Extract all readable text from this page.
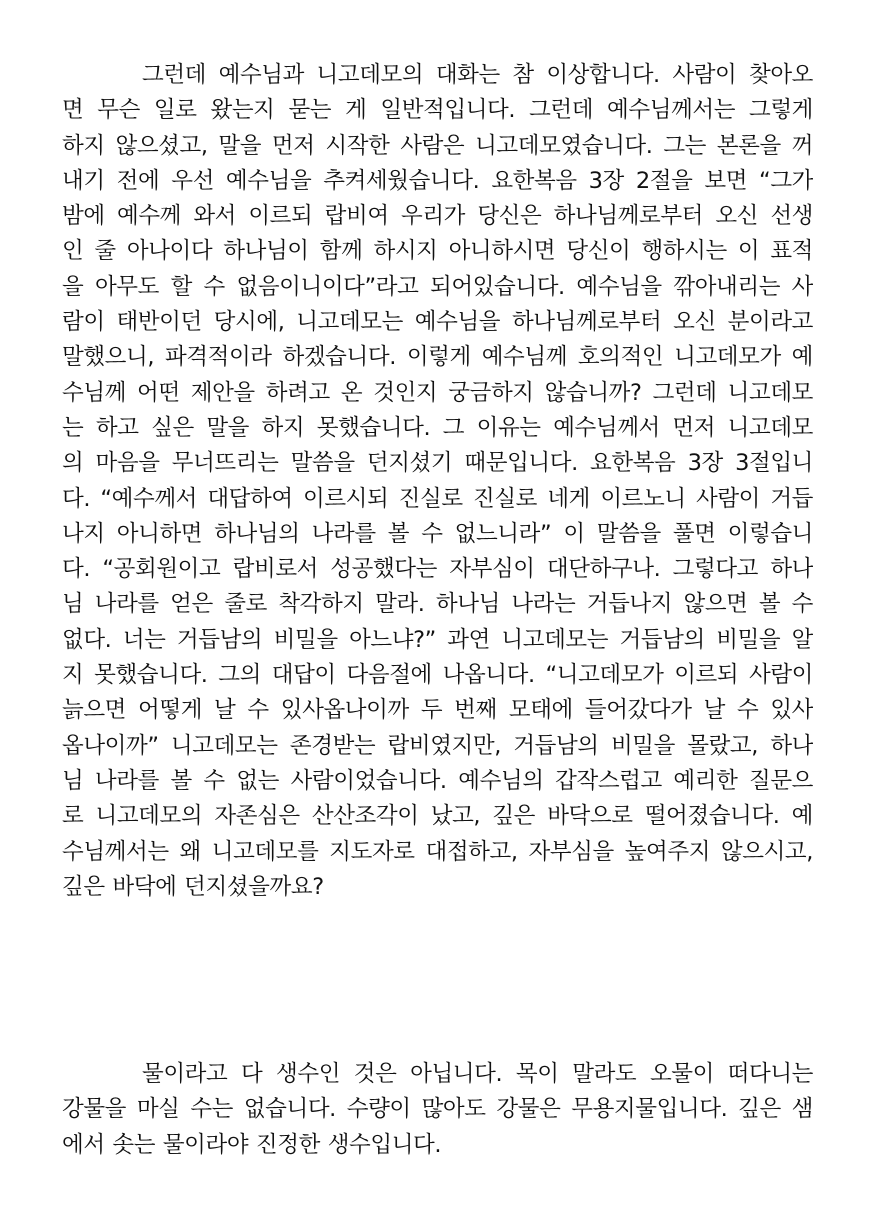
그런데 예수님과 니고데모의 대화는 참 이상합니다. 사람이 찾아오
면 무슨 일로 왔는지 묻는 게 일반적입니다. 그런데 예수님께서는 그렇게
하지 않으셨고, 말을 먼저 시작한 사람은 니고데모였습니다. 그는 본론을 꺼
내기 전에 우선 예수님을 추켜세웠습니다. 요한복음 3장 2절을 보면 “그가
밤에 예수께 와서 이르되 랍비여 우리가 당신은 하나님께로부터 오신 선생
인 줄 아나이다 하나님이 함께 하시지 아니하시면 당신이 행하시는 이 표적
을 아무도 할 수 없음이니이다”라고 되어있습니다. 예수님을 깎아내리는 사
람이 태반이던 당시에, 니고데모는 예수님을 하나님께로부터 오신 분이라고
말했으니, 파격적이라 하겠습니다. 이렇게 예수님께 호의적인 니고데모가 예
수님께 어떤 제안을 하려고 온 것인지 궁금하지 않습니까? 그런데 니고데모
는 하고 싶은 말을 하지 못했습니다. 그 이유는 예수님께서 먼저 니고데모
의 마음을 무너뜨리는 말씀을 던지셨기 때문입니다. 요한복음 3장 3절입니
다. “예수께서 대답하여 이르시되 진실로 진실로 네게 이르노니 사람이 거듭
나지 아니하면 하나님의 나라를 볼 수 없느니라” 이 말씀을 풀면 이렇습니
다. “공회원이고 랍비로서 성공했다는 자부심이 대단하구나. 그렇다고 하나
님 나라를 얻은 줄로 착각하지 말라. 하나님 나라는 거듭나지 않으면 볼 수
없다. 너는 거듭남의 비밀을 아느냐?” 과연 니고데모는 거듭남의 비밀을 알
지 못했습니다. 그의 대답이 다음절에 나옵니다. “니고데모가 이르되 사람이
늙으면 어떻게 날 수 있사옵나이까 두 번째 모태에 들어갔다가 날 수 있사
옵나이까” 니고데모는 존경받는 랍비였지만, 거듭남의 비밀을 몰랐고, 하나
님 나라를 볼 수 없는 사람이었습니다. 예수님의 갑작스럽고 예리한 질문으
로 니고데모의 자존심은 산산조각이 났고, 깊은 바닥으로 떨어졌습니다. 예
수님께서는 왜 니고데모를 지도자로 대접하고, 자부심을 높여주지 않으시고,
깊은 바닥에 던지셨을까요?
물이라고 다 생수인 것은 아닙니다. 목이 말라도 오물이 떠다니는
강물을 마실 수는 없습니다. 수량이 많아도 강물은 무용지물입니다. 깊은 샘
에서 솟는 물이라야 진정한 생수입니다.
